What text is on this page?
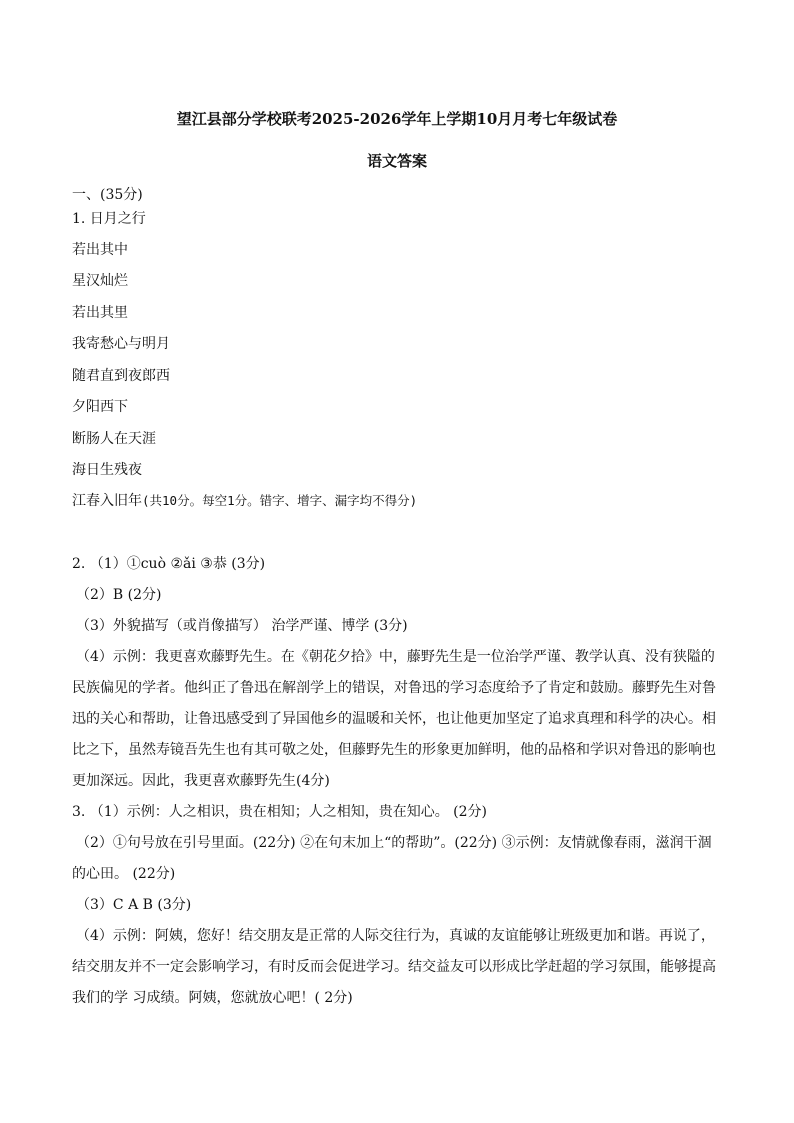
望江县部分学校联考2025-2026学年上学期10月月考七年级试卷
语文答案
一、(35分)
1. 日月之行
若出其中
星汉灿烂
若出其里
我寄愁心与明月
随君直到夜郎西
夕阳西下
断肠人在天涯
海日生残夜
江春入旧年(共10分。每空1分。错字、增字、漏字均不得分)
2. （1）①cuò ②ǎi ③恭 (3分)
（2）B (2分)
（3）外貌描写（或肖像描写） 治学严谨、博学 (3分)
（4）示例：我更喜欢藤野先生。在《朝花夕拾》中，藤野先生是一位治学严谨、教学认真、没有狭隘的
民族偏见的学者。他纠正了鲁迅在解剖学上的错误，对鲁迅的学习态度给予了肯定和鼓励。藤野先生对鲁
迅的关心和帮助，让鲁迅感受到了异国他乡的温暖和关怀，也让他更加坚定了追求真理和科学的决心。相
比之下，虽然寿镜吾先生也有其可敬之处，但藤野先生的形象更加鲜明，他的品格和学识对鲁迅的影响也
更加深远。因此，我更喜欢藤野先生(4分)
3. （1）示例：人之相识，贵在相知；人之相知，贵在知心。 (2分)
（2）①句号放在引号里面。(22分) ②在句末加上“的帮助”。(22分) ③示例：友情就像春雨，滋润干涸
的心田。 (22分)
（3）C A B (3分)
（4）示例：阿姨，您好！结交朋友是正常的人际交往行为，真诚的友谊能够让班级更加和谐。再说了，
结交朋友并不一定会影响学习，有时反而会促进学习。结交益友可以形成比学赶超的学习氛围，能够提高
我们的学 习成绩。阿姨，您就放心吧！( 2分)
